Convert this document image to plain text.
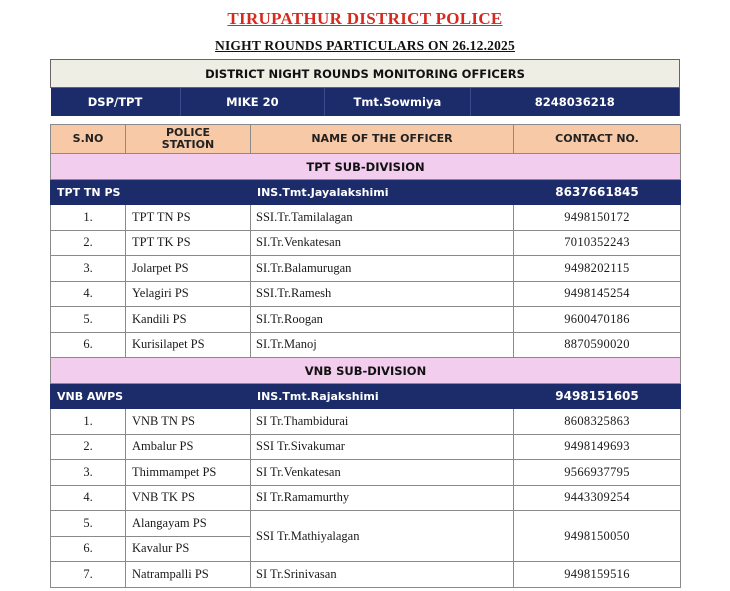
TIRUPATHUR DISTRICT POLICE
NIGHT ROUNDS PARTICULARS ON 26.12.2025
DISTRICT NIGHT ROUNDS MONITORING OFFICERS
DSP/TPT	MIKE 20	Tmt.Sowmiya	8248036218
S.NO	POLICE STATION	NAME OF THE OFFICER	CONTACT NO.
TPT SUB-DIVISION			
TPT TN PS		INS.Tmt.Jayalakshimi	8637661845
1.	TPT TN PS	SSI.Tr.Tamilalagan	9498150172
2.	TPT TK PS	SI.Tr.Venkatesan	7010352243
3.	Jolarpet PS	SI.Tr.Balamurugan	9498202115
4.	Yelagiri PS	SSI.Tr.Ramesh	9498145254
5.	Kandili PS	SI.Tr.Roogan	9600470186
6.	Kurisilapet PS	SI.Tr.Manoj	8870590020
VNB SUB-DIVISION			
VNB AWPS		INS.Tmt.Rajakshimi	9498151605
1.	VNB TN PS	SI Tr.Thambidurai	8608325863
2.	Ambalur PS	SSI Tr.Sivakumar	9498149693
3.	Thimmampet PS	SI Tr.Venkatesan	9566937795
4.	VNB TK PS	SI Tr.Ramamurthy	9443309254
5.	Alangayam PS	SSI Tr.Mathiyalagan	9498150050
6.	Kavalur PS		
7.	Natrampalli PS	SI Tr.Srinivasan	9498159516
